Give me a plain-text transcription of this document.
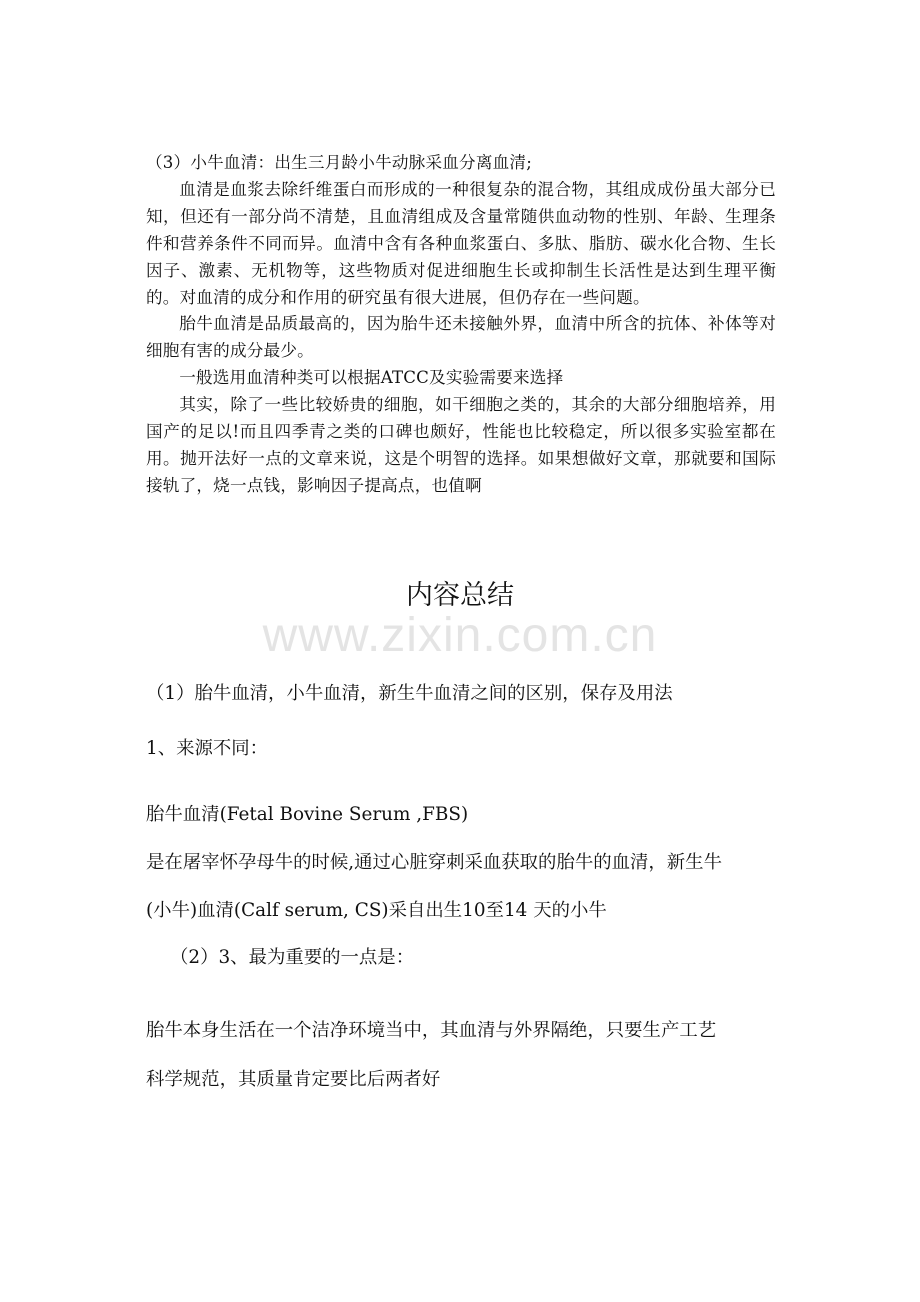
（3）小牛血清：出生三月龄小牛动脉采血分离血清;

血清是血浆去除纤维蛋白而形成的一种很复杂的混合物，其组成成份虽大部分已知，但还有一部分尚不清楚，且血清组成及含量常随供血动物的性别、年龄、生理条件和营养条件不同而异。血清中含有各种血浆蛋白、多肽、脂肪、碳水化合物、生长因子、激素、无机物等，这些物质对促进细胞生长或抑制生长活性是达到生理平衡的。对血清的成分和作用的研究虽有很大进展，但仍存在一些问题。

胎牛血清是品质最高的，因为胎牛还未接触外界，血清中所含的抗体、补体等对细胞有害的成分最少。

一般选用血清种类可以根据ATCC及实验需要来选择

其实，除了一些比较娇贵的细胞，如干细胞之类的，其余的大部分细胞培养，用国产的足以!而且四季青之类的口碑也颇好，性能也比较稳定，所以很多实验室都在用。抛开法好一点的文章来说，这是个明智的选择。如果想做好文章，那就要和国际接轨了，烧一点钱，影响因子提高点，也值啊

www.zixin.com.cn
内容总结
（1）胎牛血清，小牛血清，新生牛血清之间的区别，保存及用法
1、来源不同：
胎牛血清(Fetal Bovine Serum ,FBS)
是在屠宰怀孕母牛的时候,通过心脏穿刺采血获取的胎牛的血清，新生牛
(小牛)血清(Calf serum, CS)采自出生10至14 天的小牛
（2）3、最为重要的一点是：
胎牛本身生活在一个洁净环境当中，其血清与外界隔绝，只要生产工艺
科学规范，其质量肯定要比后两者好
